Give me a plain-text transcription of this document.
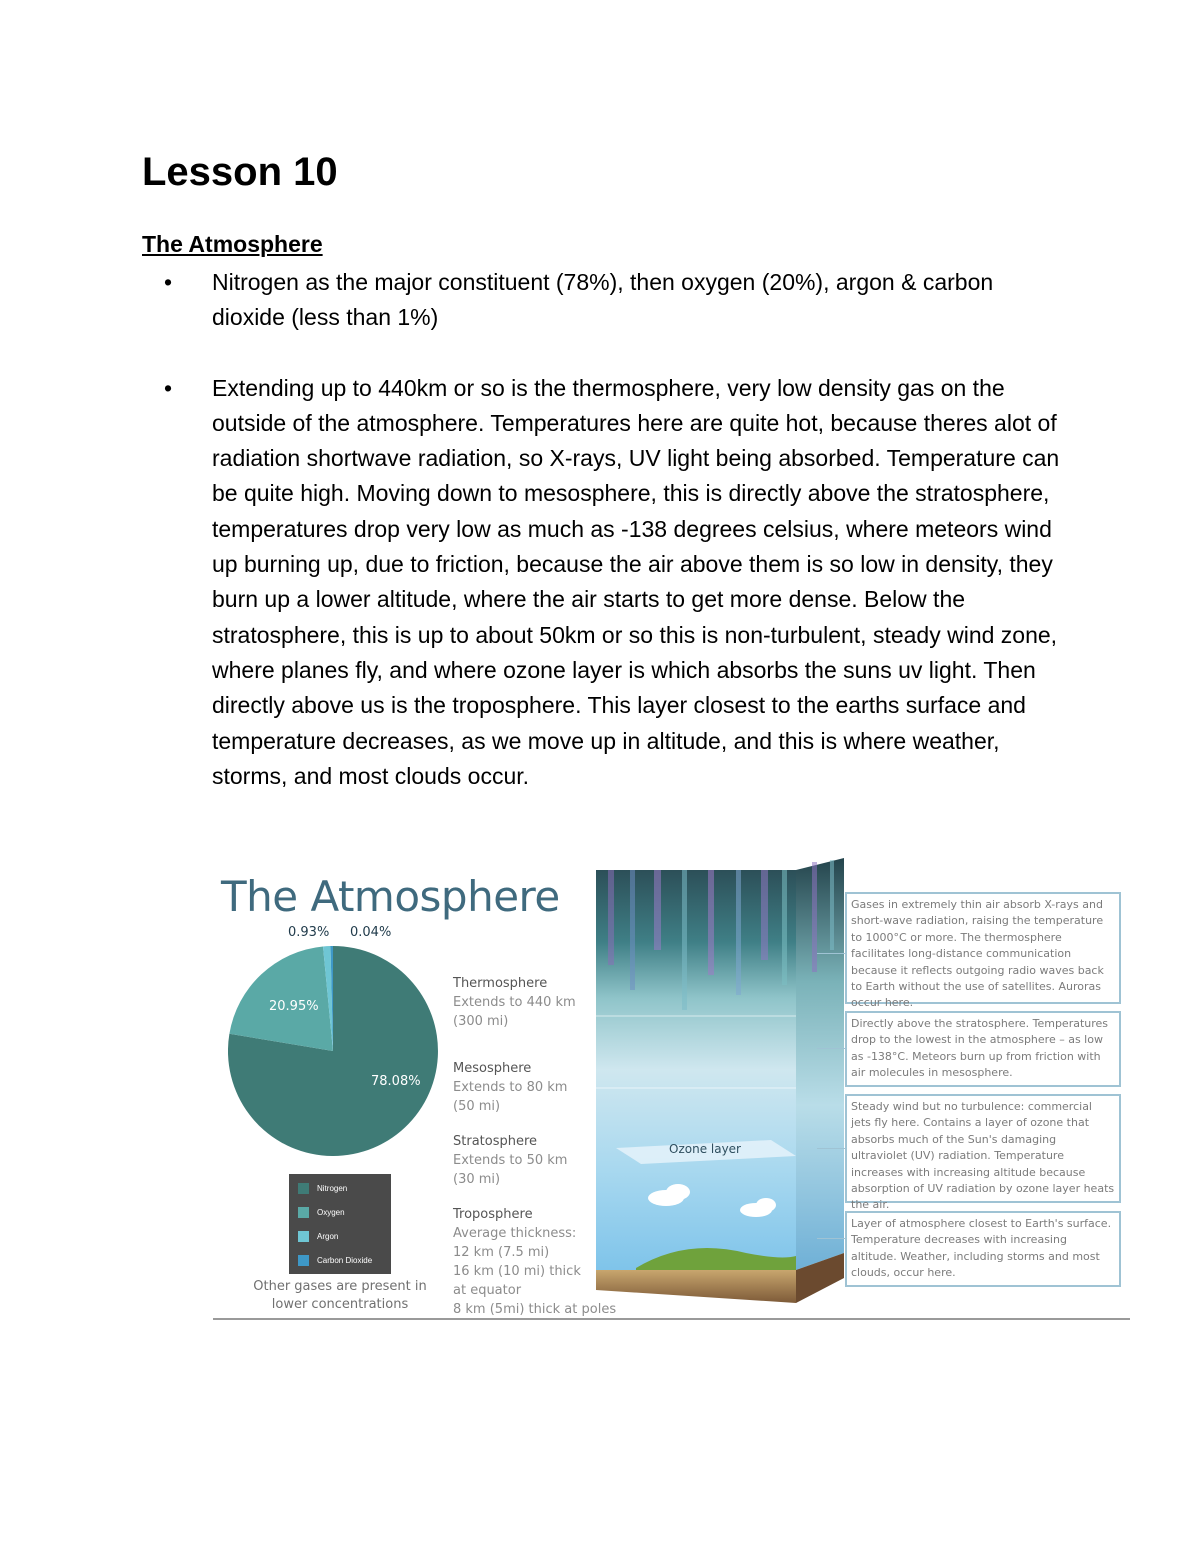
Lesson 10
The Atmosphere
• Nitrogen as the major constituent (78%), then oxygen (20%), argon & carbon dioxide (less than 1%)
• Extending up to 440km or so is the thermosphere, very low density gas on the outside of the atmosphere. Temperatures here are quite hot, because theres alot of radiation shortwave radiation, so X-rays, UV light being absorbed. Temperature can be quite high. Moving down to mesosphere, this is directly above the stratosphere, temperatures drop very low as much as -138 degrees celsius, where meteors wind up burning up, due to friction, because the air above them is so low in density, they burn up a lower altitude, where the air starts to get more dense. Below the stratosphere, this is up to about 50km or so this is non-turbulent, steady wind zone, where planes fly, and where ozone layer is which absorbs the suns uv light. Then directly above us is the troposphere. This layer closest to the earths surface and temperature decreases, as we move up in altitude, and this is where weather, storms, and most clouds occur.
The Atmosphere
0.93% 0.04%
20.95%
78.08%
Nitrogen
Oxygen
Argon
Carbon Dioxide
Other gases are present in lower concentrations
Thermosphere
Extends to 440 km
(300 mi)
Mesosphere
Extends to 80 km
(50 mi)
Stratosphere
Extends to 50 km
(30 mi)
Troposphere
Average thickness:
12 km (7.5 mi)
16 km (10 mi) thick
at equator
8 km (5mi) thick at poles
Ozone layer
Gases in extremely thin air absorb X-rays and short-wave radiation, raising the temperature to 1000°C or more. The thermosphere facilitates long-distance communication because it reflects outgoing radio waves back to Earth without the use of satellites. Auroras occur here.
Directly above the stratosphere. Temperatures drop to the lowest in the atmosphere – as low as -138°C. Meteors burn up from friction with air molecules in mesosphere.
Steady wind but no turbulence: commercial jets fly here. Contains a layer of ozone that absorbs much of the Sun's damaging ultraviolet (UV) radiation. Temperature increases with increasing altitude because absorption of UV radiation by ozone layer heats the air.
Layer of atmosphere closest to Earth's surface. Temperature decreases with increasing altitude. Weather, including storms and most clouds, occur here.
